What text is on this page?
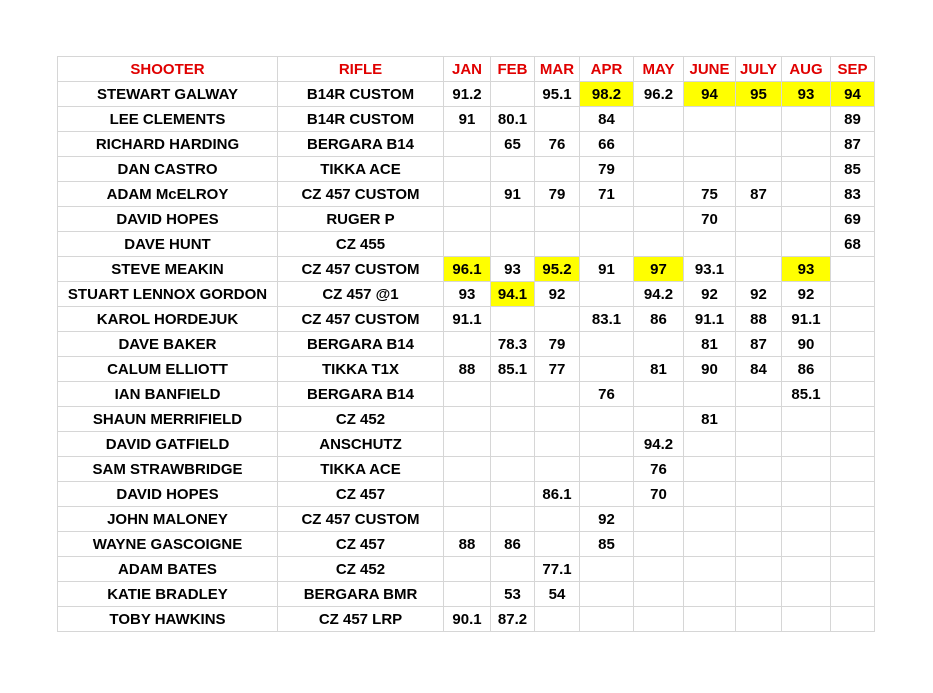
SHOOTER	RIFLE	JAN	FEB	MAR	APR	MAY	JUNE	JULY	AUG	SEP
STEWART GALWAY	B14R CUSTOM	91.2		95.1	98.2	96.2	94	95	93	94
LEE CLEMENTS	B14R CUSTOM	91	80.1		84					89
RICHARD HARDING	BERGARA B14		65	76	66					87
DAN CASTRO	TIKKA ACE				79					85
ADAM McELROY	CZ 457 CUSTOM		91	79	71		75	87		83
DAVID HOPES	RUGER P						70			69
DAVE HUNT	CZ 455									68
STEVE MEAKIN	CZ 457 CUSTOM	96.1	93	95.2	91	97	93.1		93	
STUART LENNOX GORDON	CZ 457 @1	93	94.1	92		94.2	92	92	92	
KAROL HORDEJUK	CZ 457 CUSTOM	91.1			83.1	86	91.1	88	91.1	
DAVE BAKER	BERGARA B14		78.3	79			81	87	90	
CALUM ELLIOTT	TIKKA T1X	88	85.1	77		81	90	84	86	
IAN BANFIELD	BERGARA B14				76				85.1	
SHAUN MERRIFIELD	CZ 452						81			
DAVID GATFIELD	ANSCHUTZ					94.2				
SAM STRAWBRIDGE	TIKKA ACE					76				
DAVID HOPES	CZ 457			86.1		70				
JOHN MALONEY	CZ 457 CUSTOM				92					
WAYNE GASCOIGNE	CZ 457	88	86		85					
ADAM BATES	CZ 452			77.1						
KATIE BRADLEY	BERGARA BMR		53	54						
TOBY HAWKINS	CZ 457 LRP	90.1	87.2							
